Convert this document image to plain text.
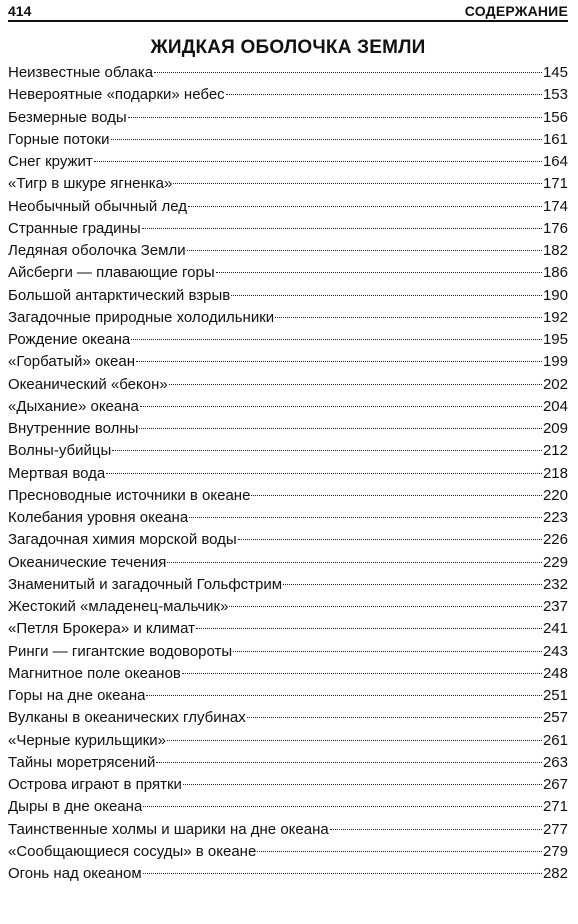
414	СОДЕРЖАНИЕ
ЖИДКАЯ ОБОЛОЧКА ЗЕМЛИ
Неизвестные облака	145
Невероятные «подарки» небес	153
Безмерные воды	156
Горные потоки	161
Снег кружит	164
«Тигр в шкуре ягненка»	171
Необычный обычный лед	174
Странные градины	176
Ледяная оболочка Земли	182
Айсберги — плавающие горы	186
Большой антарктический взрыв	190
Загадочные природные холодильники	192
Рождение океана	195
«Горбатый» океан	199
Океанический «бекон»	202
«Дыхание» океана	204
Внутренние волны	209
Волны-убийцы	212
Мертвая вода	218
Пресноводные источники в океане	220
Колебания уровня океана	223
Загадочная химия морской воды	226
Океанические течения	229
Знаменитый и загадочный Гольфстрим	232
Жестокий «младенец-мальчик»	237
«Петля Брокера» и климат	241
Ринги — гигантские водовороты	243
Магнитное поле океанов	248
Горы на дне океана	251
Вулканы в океанических глубинах	257
«Черные курильщики»	261
Тайны моретрясений	263
Острова играют в прятки	267
Дыры в дне океана	271
Таинственные холмы и шарики на дне океана	277
«Сообщающиеся сосуды» в океане	279
Огонь над океаном	282
